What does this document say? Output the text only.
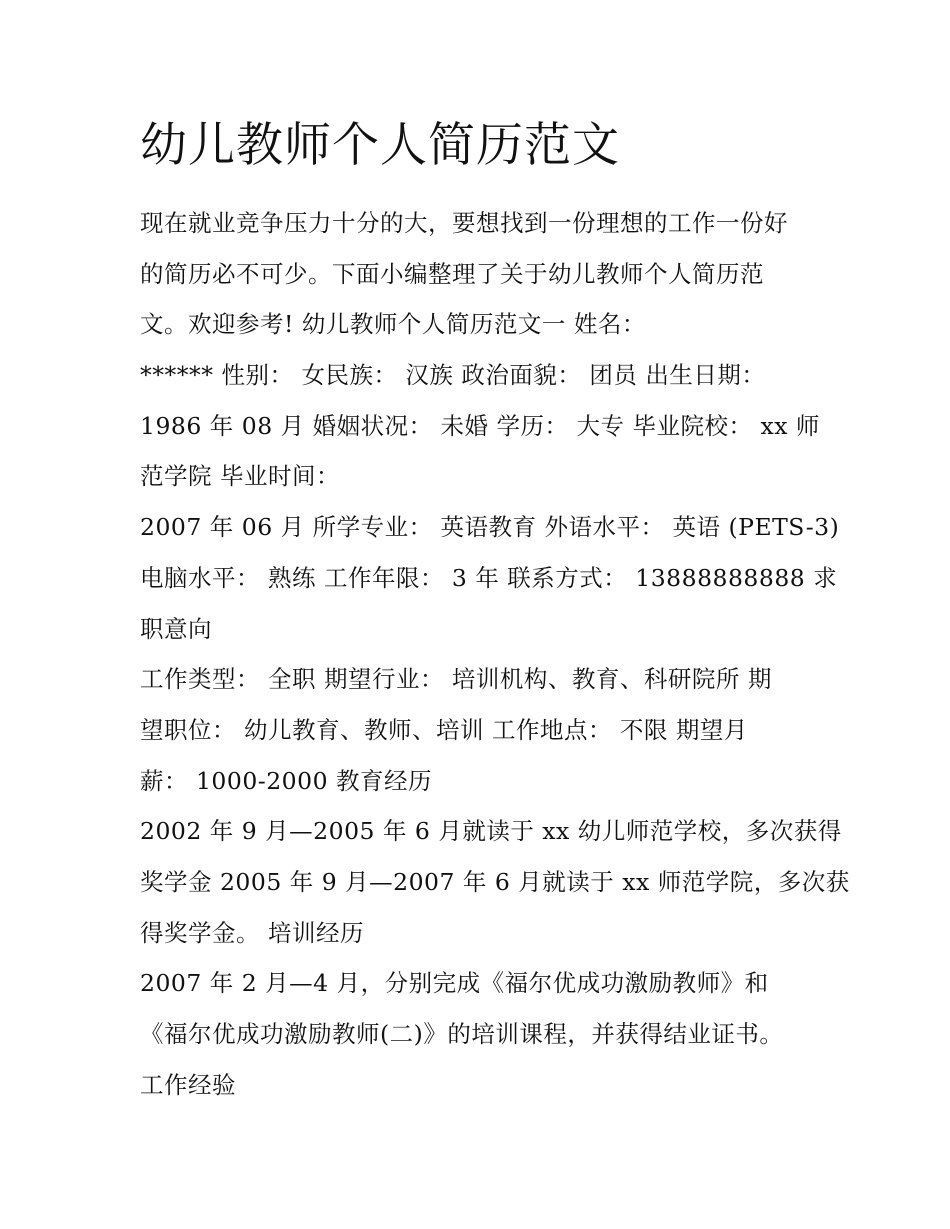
幼儿教师个人简历范文
现在就业竞争压力十分的大，要想找到一份理想的工作一份好
的简历必不可少。下面小编整理了关于幼儿教师个人简历范
文。欢迎参考! 幼儿教师个人简历范文一 姓名：
****** 性别： 女民族： 汉族 政治面貌： 团员 出生日期：
1986 年 08 月 婚姻状况： 未婚 学历： 大专 毕业院校： xx 师
范学院 毕业时间：
2007 年 06 月 所学专业： 英语教育 外语水平： 英语 (PETS-3)
电脑水平： 熟练 工作年限： 3 年 联系方式： 13888888888 求
职意向
工作类型： 全职 期望行业： 培训机构、教育、科研院所 期
望职位： 幼儿教育、教师、培训 工作地点： 不限 期望月
薪： 1000-2000 教育经历
2002 年 9 月—2005 年 6 月就读于 xx 幼儿师范学校，多次获得
奖学金 2005 年 9 月—2007 年 6 月就读于 xx 师范学院，多次获
得奖学金。 培训经历
2007 年 2 月—4 月，分别完成《福尔优成功激励教师》和
《福尔优成功激励教师(二)》的培训课程，并获得结业证书。
工作经验
